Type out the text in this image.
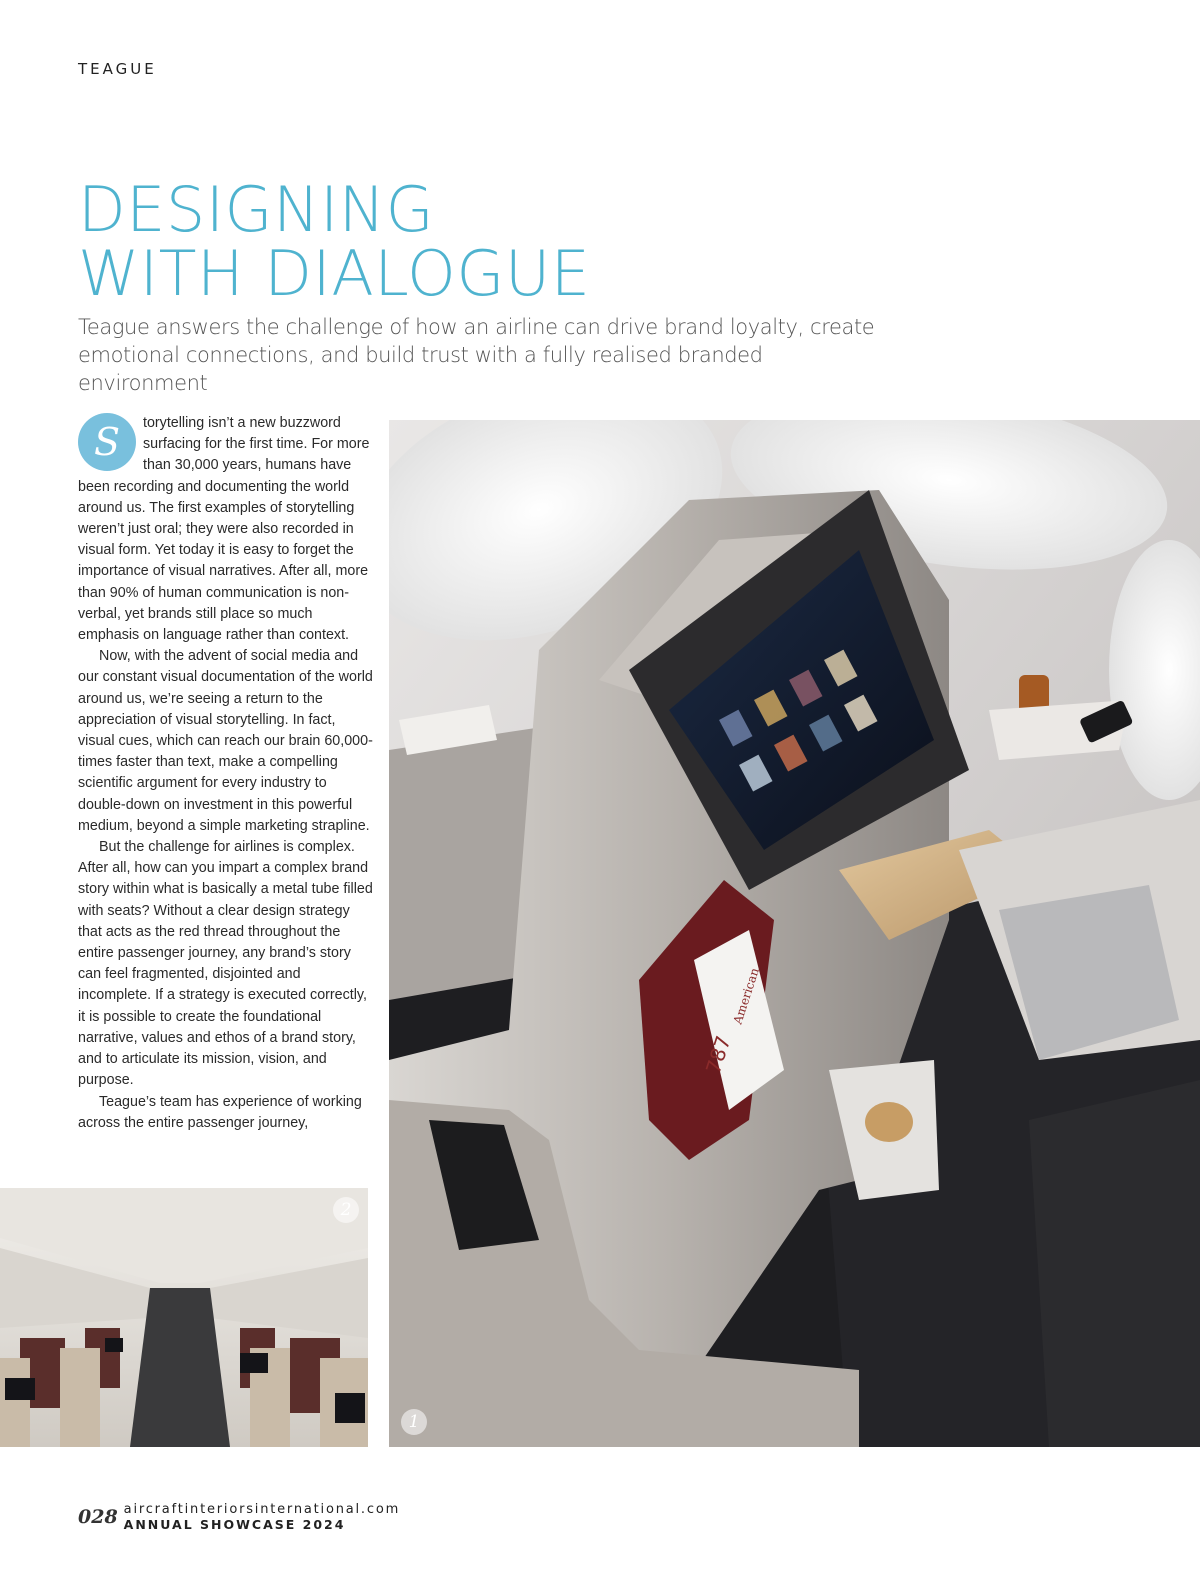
TEAGUE
DESIGNING
WITH DIALOGUE
Teague answers the challenge of how an airline can drive brand loyalty, create emotional connections, and build trust with a fully realised branded environment

S	torytelling isn’t a new buzzword surfacing for the first time. For more than 30,000 years, humans have been recording and documenting the world around us. The first examples of storytelling weren’t just oral; they were also recorded in visual form. Yet today it is easy to forget the importance of visual narratives. After all, more than 90% of human communication is non-verbal, yet brands still place so much emphasis on language rather than context.

Now, with the advent of social media and our constant visual documentation of the world around us, we’re seeing a return to the appreciation of visual storytelling. In fact, visual cues, which can reach our brain 60,000-times faster than text, make a compelling scientific argument for every industry to double-down on investment in this powerful medium, beyond a simple marketing strapline.

But the challenge for airlines is complex. After all, how can you impart a complex brand story within what is basically a metal tube filled with seats? Without a clear design strategy that acts as the red thread throughout the entire passenger journey, any brand’s story can feel fragmented, disjointed and incomplete. If a strategy is executed correctly, it is possible to create the foundational narrative, values and ethos of a brand story, and to articulate its mission, vision, and purpose.

Teague’s team has experience of working across the entire passenger journey,

American
787
1
2
028 aircraftinteriorsinternational.com
ANNUAL SHOWCASE 2024
